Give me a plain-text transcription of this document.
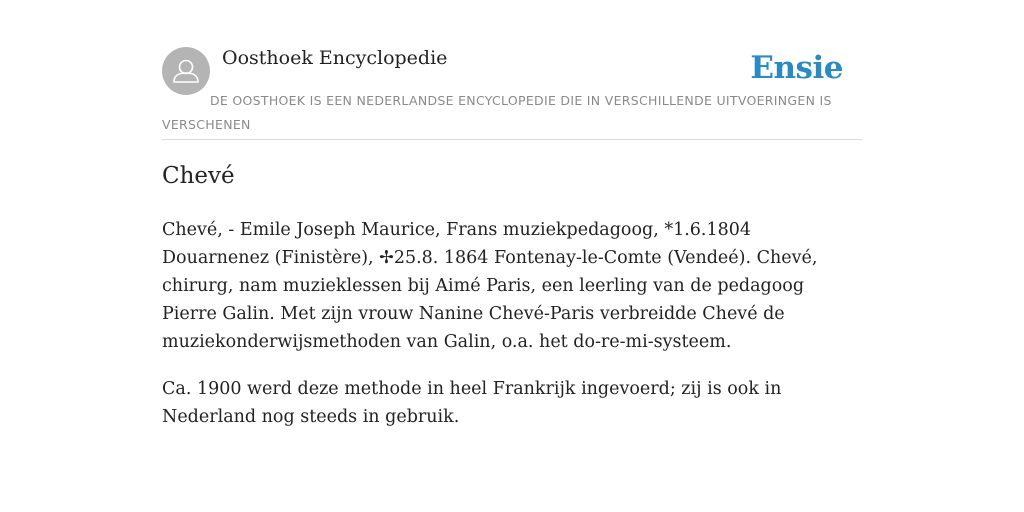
Oosthoek Encyclopedie	Ensie
DE OOSTHOEK IS EEN NEDERLANDSE ENCYCLOPEDIE DIE IN VERSCHILLENDE UITVOERINGEN IS VERSCHENEN
Chevé

Chevé, - Emile Joseph Maurice, Frans muziekpedagoog, *1.6.1804 Douarnenez (Finistère), ✢25.8. 1864 Fontenay-le-Comte (Vendeé). Chevé, chirurg, nam muzieklessen bij Aimé Paris, een leerling van de pedagoog Pierre Galin. Met zijn vrouw Nanine Chevé-Paris verbreidde Chevé de muziekonderwijsmethoden van Galin, o.a. het do-re-mi-systeem.

Ca. 1900 werd deze methode in heel Frankrijk ingevoerd; zij is ook in Nederland nog steeds in gebruik.
